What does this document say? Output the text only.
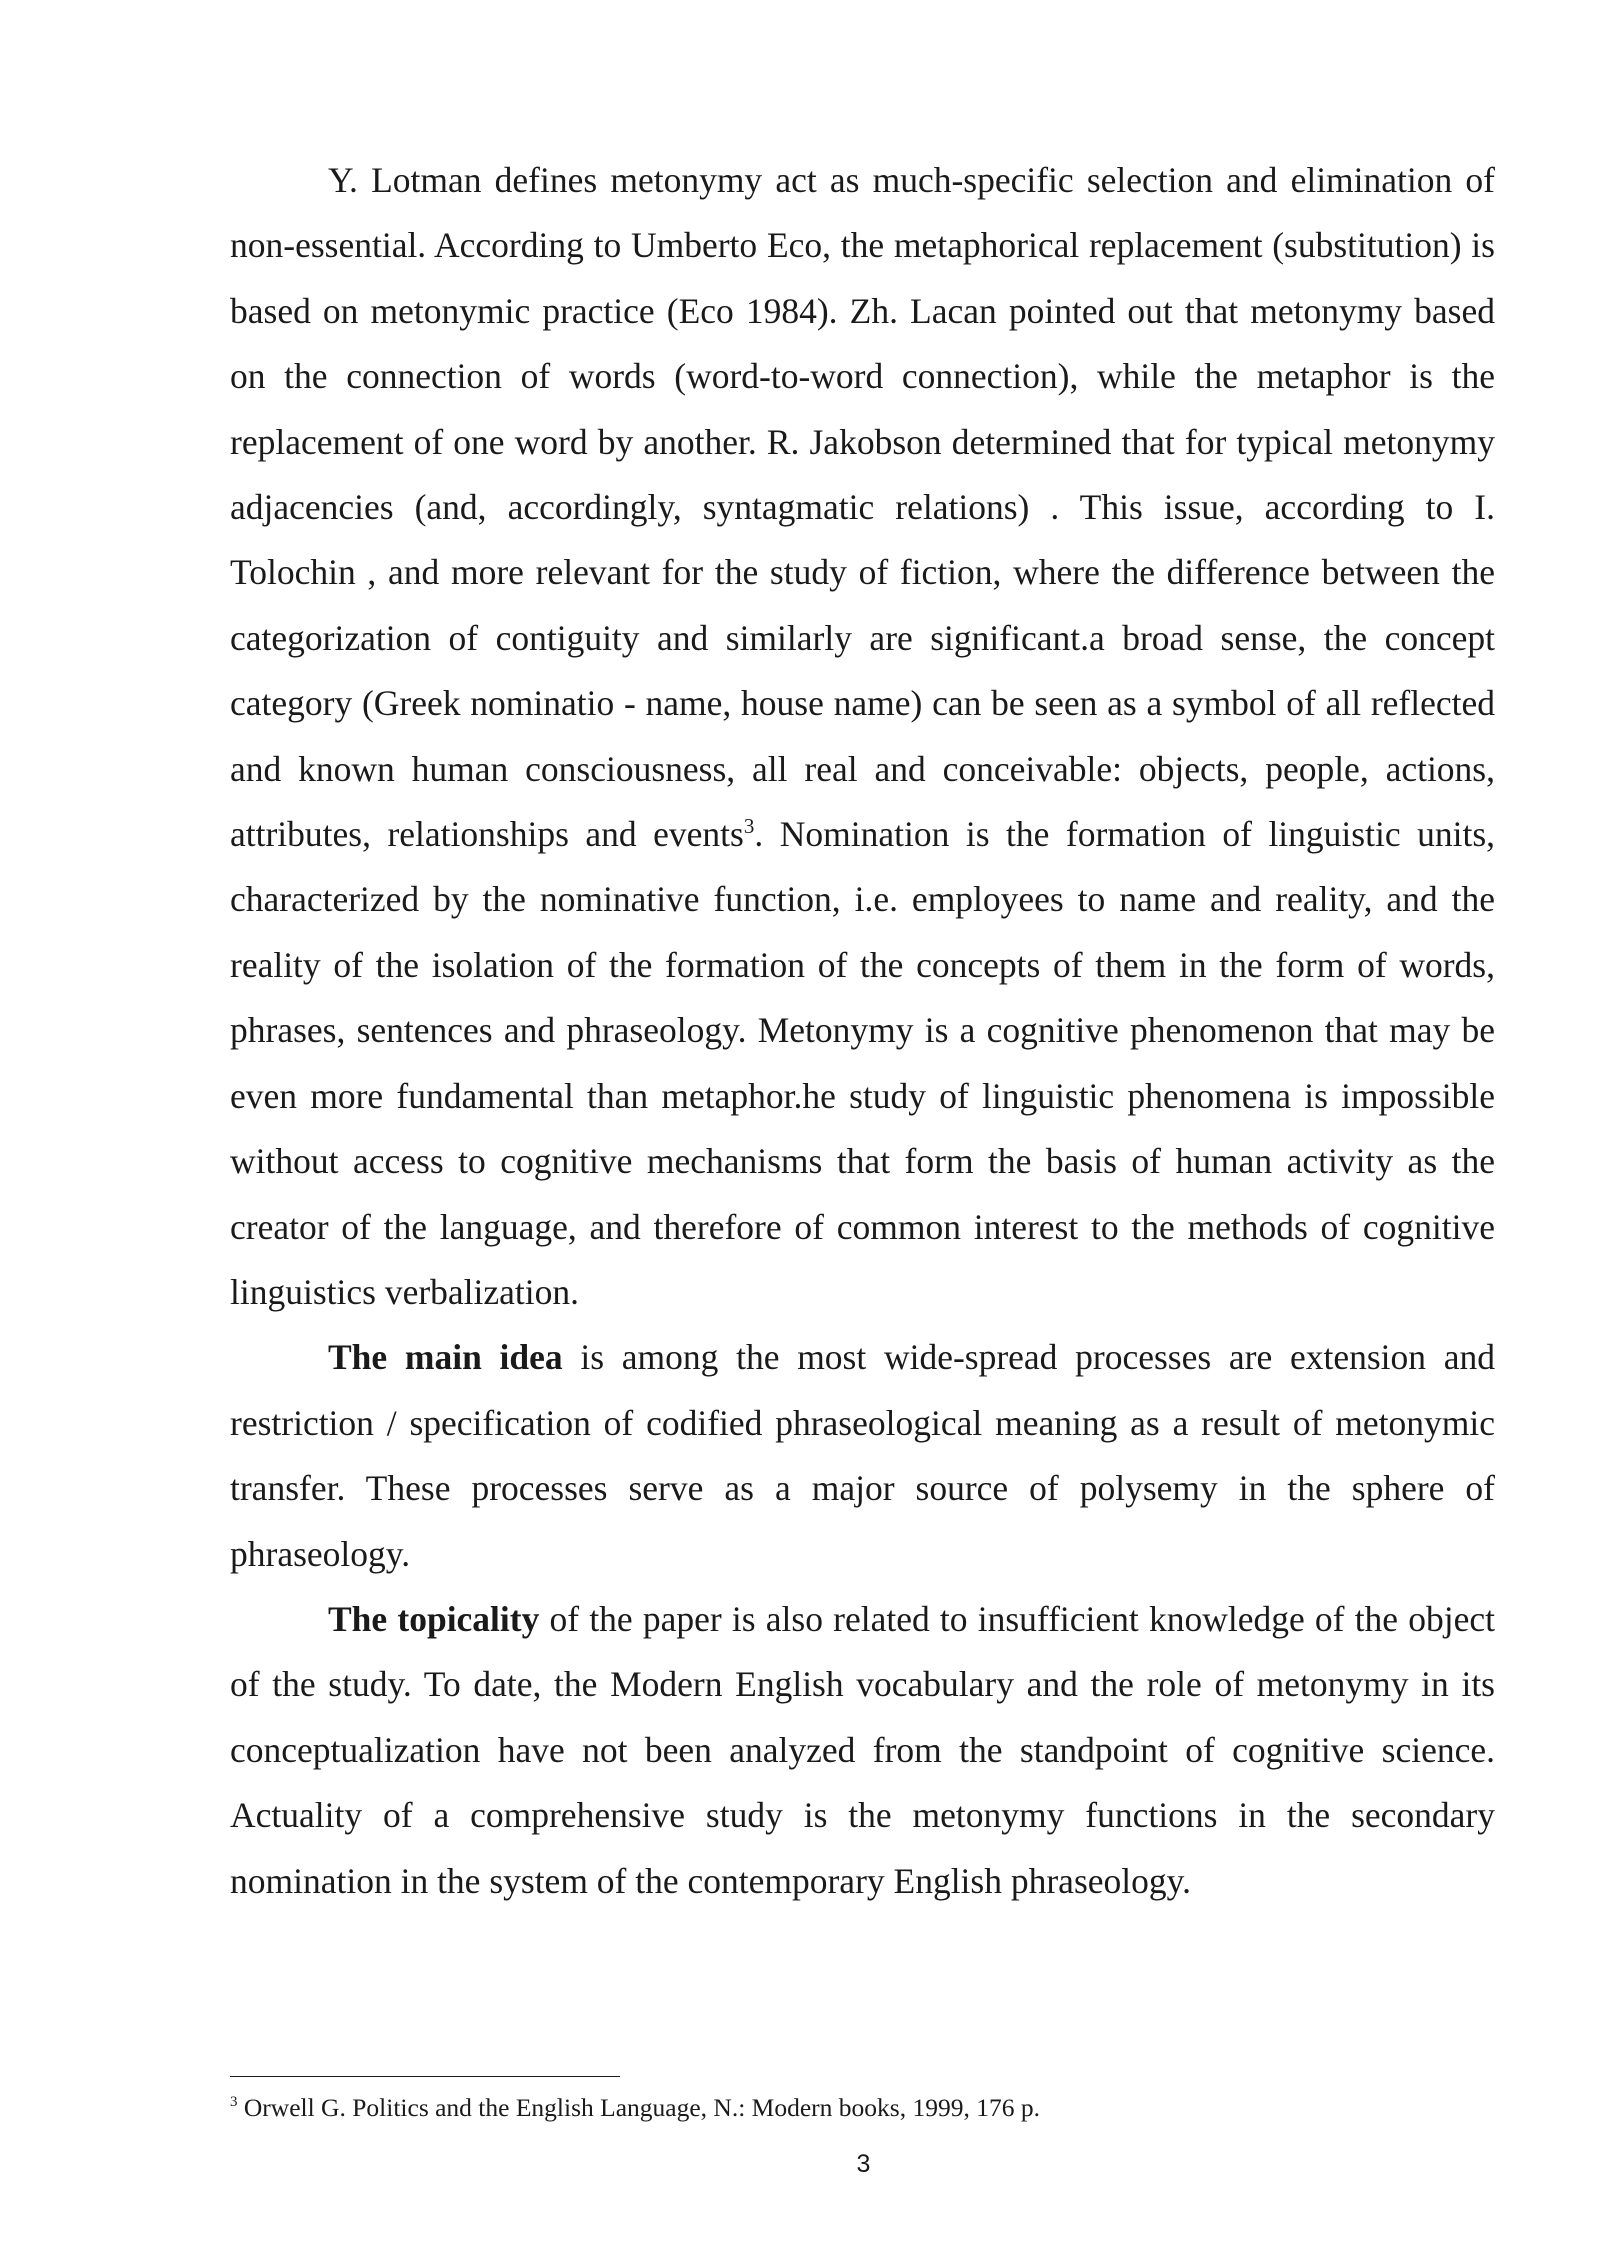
Y. Lotman defines metonymy act as much-specific selection and elimination of non-essential. According to Umberto Eco, the metaphorical replacement (substitution) is based on metonymic practice (Eco 1984). Zh. Lacan pointed out that metonymy based on the connection of words (word-to-word connection), while the metaphor is the replacement of one word by another. R. Jakobson determined that for typical metonymy adjacencies (and, accordingly, syntagmatic relations) . This issue, according to I. Tolochin , and more relevant for the study of fiction, where the difference between the categorization of contiguity and similarly are significant.a broad sense, the concept category (Greek nominatio - name, house name) can be seen as a symbol of all reflected and known human consciousness, all real and conceivable: objects, people, actions, attributes, relationships and events$^3$. Nomination is the formation of linguistic units, characterized by the nominative function, i.e. employees to name and reality, and the reality of the isolation of the formation of the concepts of them in the form of words, phrases, sentences and phraseology. Metonymy is a cognitive phenomenon that may be even more fundamental than metaphor.he study of linguistic phenomena is impossible without access to cognitive mechanisms that form the basis of human activity as the creator of the language, and therefore of common interest to the methods of cognitive linguistics verbalization.

The main idea is among the most wide-spread processes are extension and restriction / specification of codified phraseological meaning as a result of metonymic transfer. These processes serve as a major source of polysemy in the sphere of phraseology.

The topicality of the paper is also related to insufficient knowledge of the object of the study. To date, the Modern English vocabulary and the role of metonymy in its conceptualization have not been analyzed from the standpoint of cognitive science. Actuality of a comprehensive study is the metonymy functions in the secondary nomination in the system of the contemporary English phraseology.

$^3$ Orwell G. Politics and the English Language, N.: Modern books, 1999, 176 p.
3
